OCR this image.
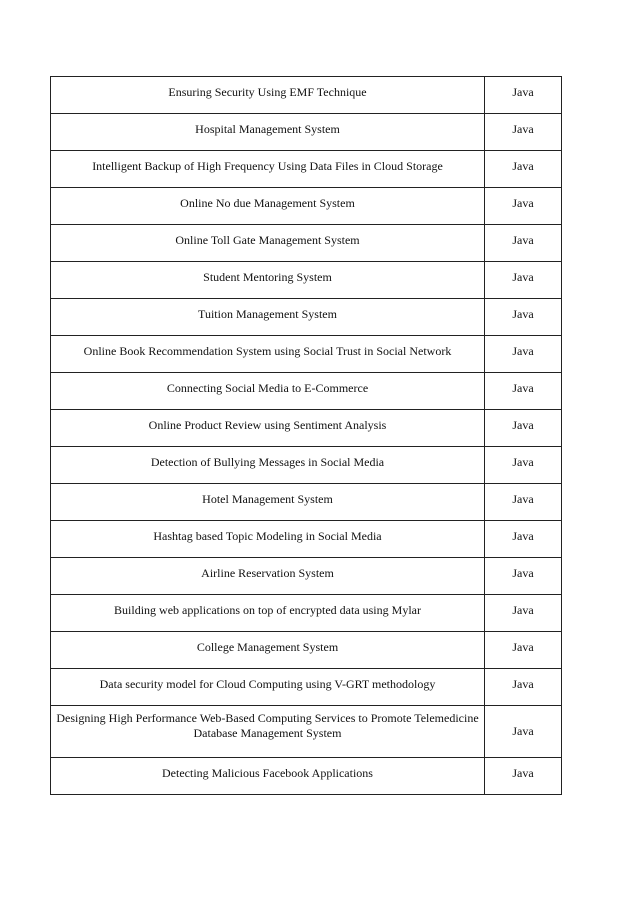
Ensuring Security Using EMF Technique	Java
Hospital Management System	Java
Intelligent Backup of High Frequency Using Data Files in Cloud Storage	Java
Online No due Management System	Java
Online Toll Gate Management System	Java
Student Mentoring System	Java
Tuition Management System	Java
Online Book Recommendation System using Social Trust in Social Network	Java
Connecting Social Media to E-Commerce	Java
Online Product Review using Sentiment Analysis	Java
Detection of Bullying Messages in Social Media	Java
Hotel Management System	Java
Hashtag based Topic Modeling in Social Media	Java
Airline Reservation System	Java
Building web applications on top of encrypted data using Mylar	Java
College Management System	Java
Data security model for Cloud Computing using V-GRT methodology	Java
Designing High Performance Web-Based Computing Services to Promote Telemedicine Database Management System	Java
Detecting Malicious Facebook Applications	Java
